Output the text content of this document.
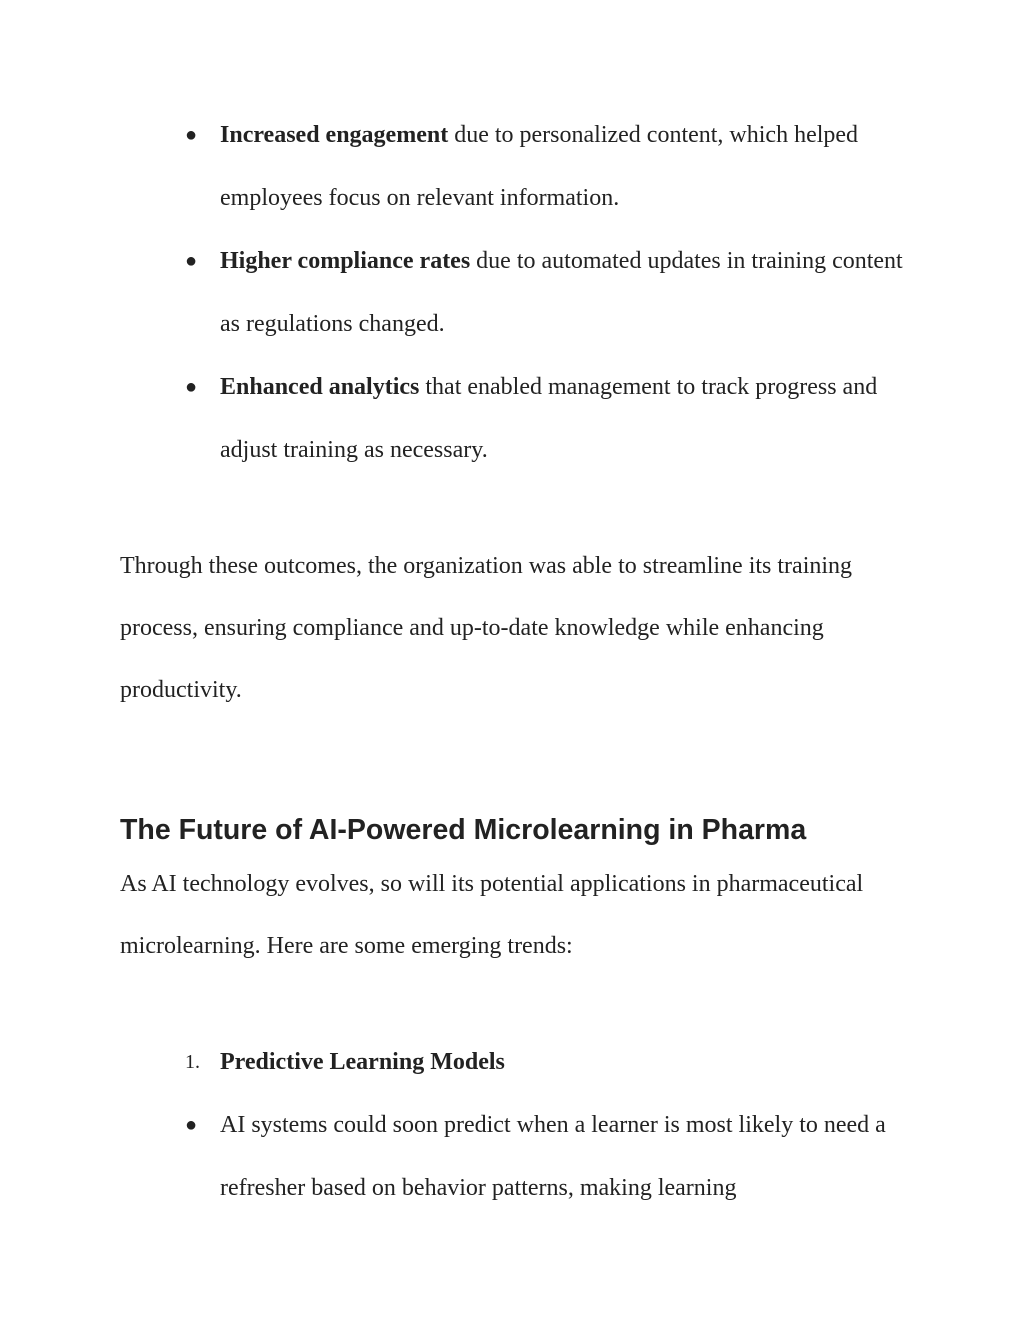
● Increased engagement due to personalized content, which helped employees focus on relevant information.
● Higher compliance rates due to automated updates in training content as regulations changed.
● Enhanced analytics that enabled management to track progress and adjust training as necessary.

Through these outcomes, the organization was able to streamline its training process, ensuring compliance and up-to-date knowledge while enhancing productivity.

The Future of AI-Powered Microlearning in Pharma

As AI technology evolves, so will its potential applications in pharmaceutical microlearning. Here are some emerging trends:

1. Predictive Learning Models
● AI systems could soon predict when a learner is most likely to need a refresher based on behavior patterns, making learning
